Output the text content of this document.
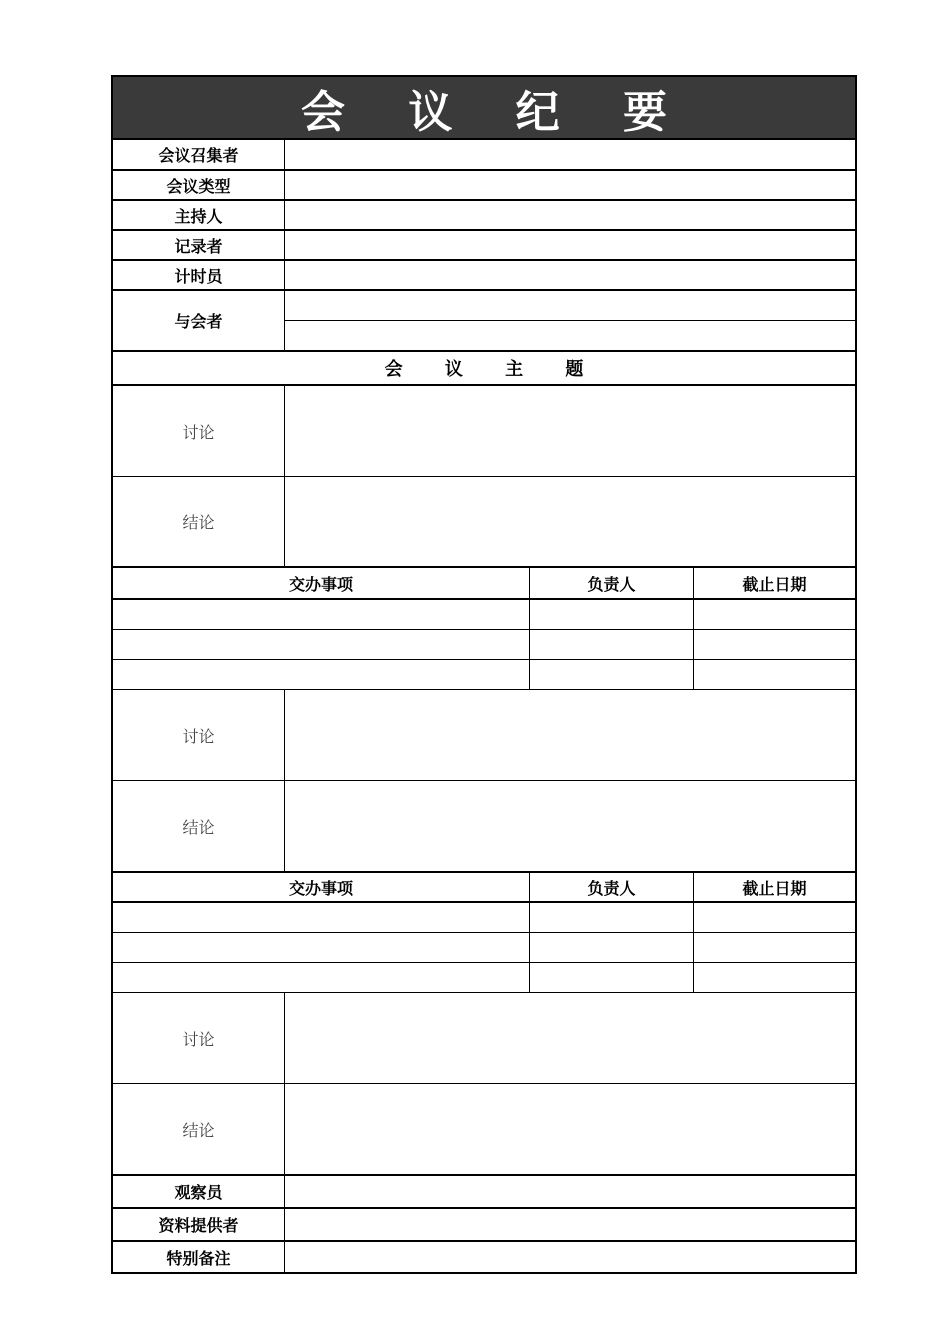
会 议 纪 要
会议召集者
会议类型
主持人
记录者
计时员
与会者
会 议 主 题
讨论
结论
交办事项	负责人	截止日期
讨论
结论
交办事项	负责人	截止日期
讨论
结论
观察员
资料提供者
特别备注
